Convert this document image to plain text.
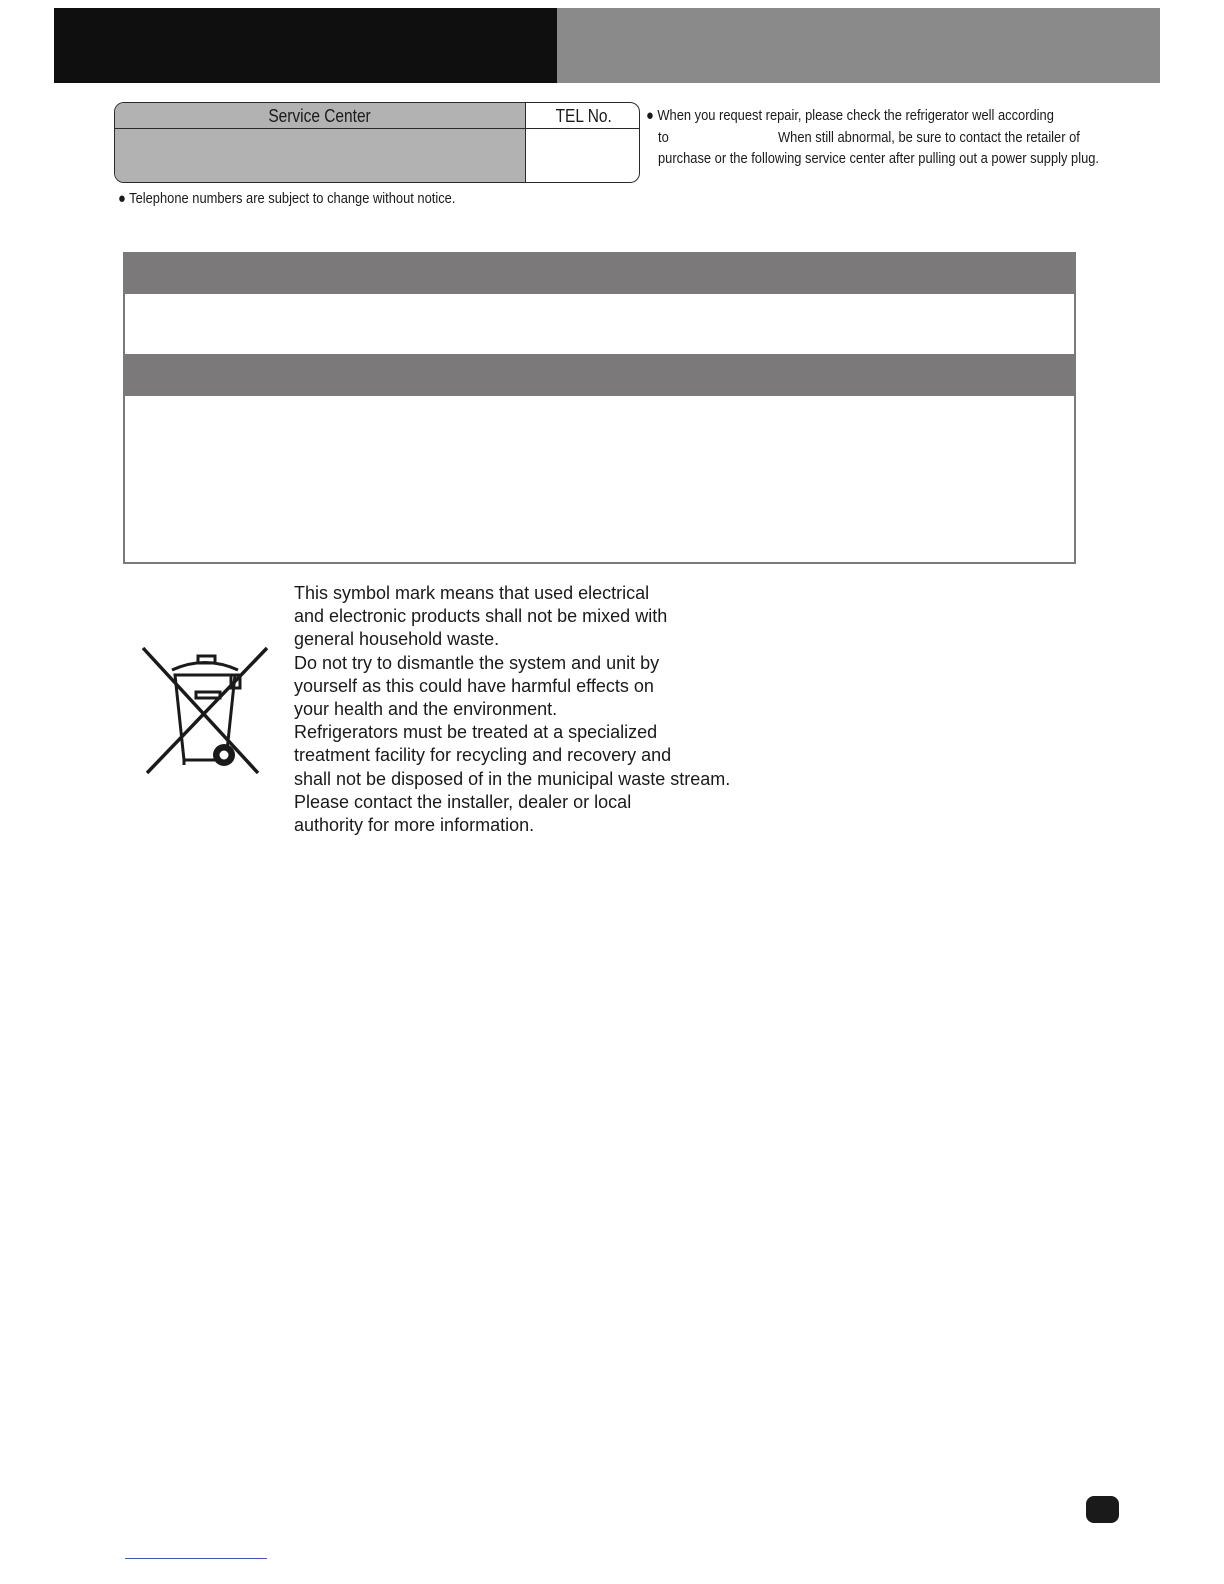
Service Center	TEL No.	● When you request repair, please check the refrigerator well according
to	When still abnormal, be sure to contact the retailer of
purchase or the following service center after pulling out a power supply plug.
● Telephone numbers are subject to change without notice.
This symbol mark means that used electrical
and electronic products shall not be mixed with
general household waste.
Do not try to dismantle the system and unit by
yourself as this could have harmful effects on
your health and the environment.
Refrigerators must be treated at a specialized
treatment facility for recycling and recovery and
shall not be disposed of in the municipal waste stream.
Please contact the installer, dealer or local
authority for more information.
